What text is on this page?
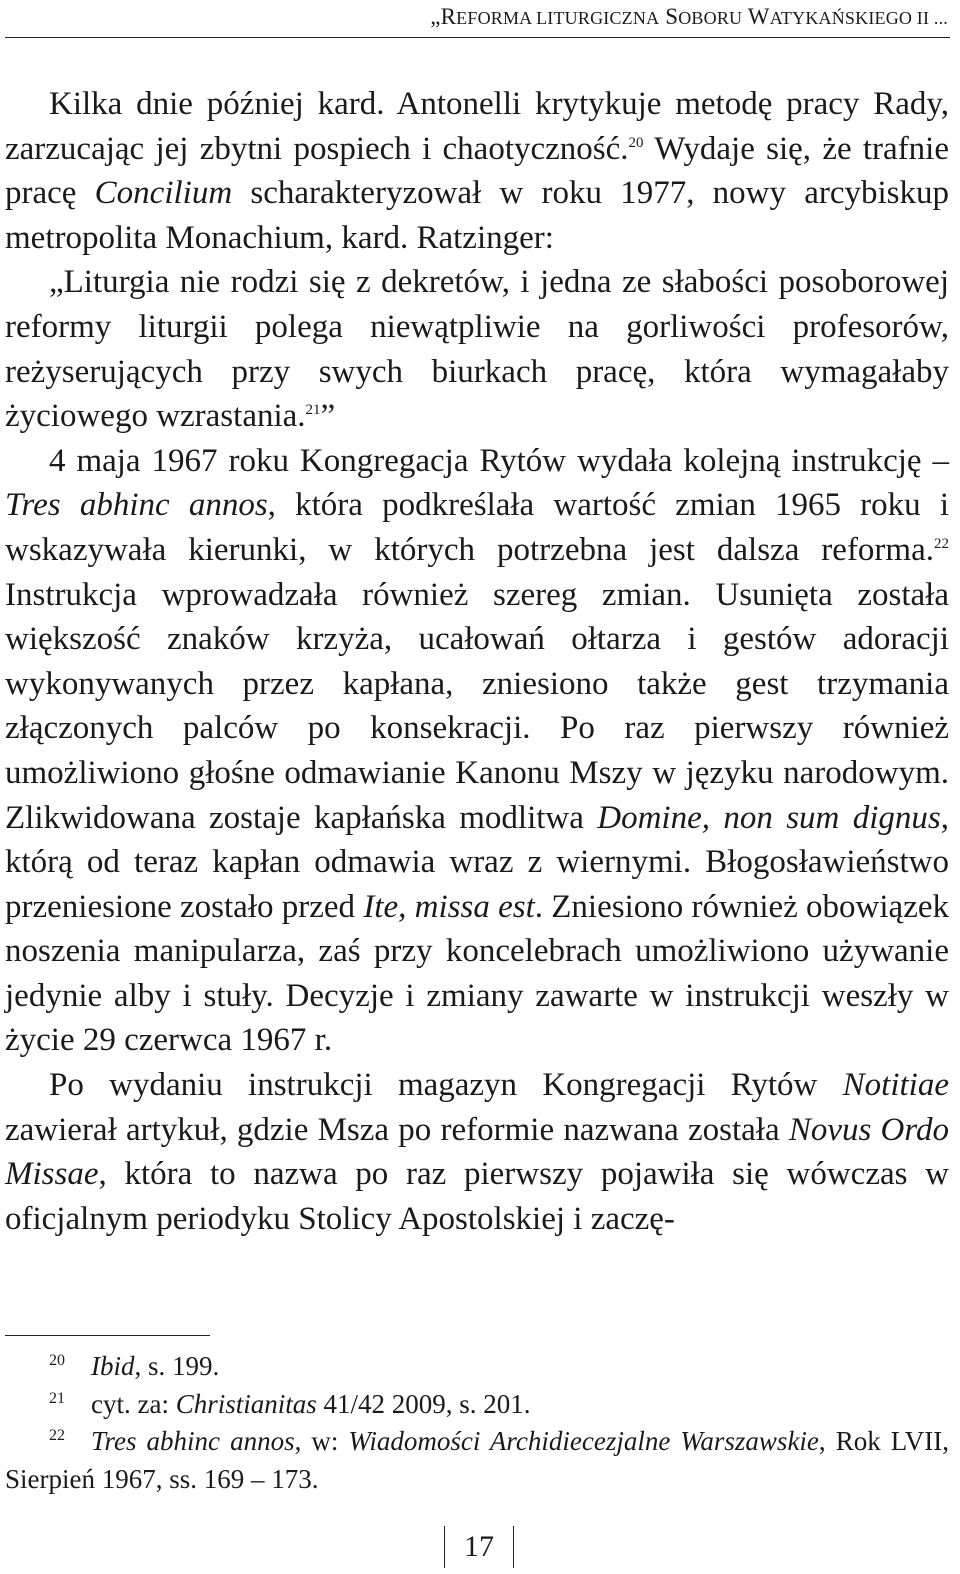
„REFORMA LITURGICZNA SOBORU WATYKAŃSKIEGO II ...

Kilka dnie później kard. Antonelli krytykuje metodę pracy Rady, zarzucając jej zbytni pospiech i chaotyczność.$^{20}$ Wydaje się, że trafnie pracę Concilium scharakteryzował w roku 1977, nowy arcybiskup metropolita Monachium, kard. Ratzinger:

„Liturgia nie rodzi się z dekretów, i jedna ze słabości posoborowej reformy liturgii polega niewątpliwie na gorliwości profesorów, reżyserujących przy swych biurkach pracę, która wymagałaby życiowego wzrastania.$^{21}$”

4 maja 1967 roku Kongregacja Rytów wydała kolejną instrukcję – Tres abhinc annos, która podkreślała wartość zmian 1965 roku i wskazywała kierunki, w których potrzebna jest dalsza reforma.$^{22}$ Instrukcja wprowadzała również szereg zmian. Usunięta została większość znaków krzyża, ucałowań ołtarza i gestów adoracji wykonywanych przez kapłana, zniesiono także gest trzymania złączonych palców po konsekracji. Po raz pierwszy również umożliwiono głośne odmawianie Kanonu Mszy w języku narodowym. Zlikwidowana zostaje kapłańska modlitwa Domine, non sum dignus, którą od teraz kapłan odmawia wraz z wiernymi. Błogosławieństwo przeniesione zostało przed Ite, missa est. Zniesiono również obowiązek noszenia manipularza, zaś przy koncelebrach umożliwiono używanie jedynie alby i stuły. Decyzje i zmiany zawarte w instrukcji weszły w życie 29 czerwca 1967 r.

Po wydaniu instrukcji magazyn Kongregacji Rytów Notitiae zawierał artykuł, gdzie Msza po reformie nazwana została Novus Ordo Missae, która to nazwa po raz pierwszy pojawiła się wówczas w oficjalnym periodyku Stolicy Apostolskiej i zaczę-

$^{20}$ Ibid, s. 199.

$^{21}$ cyt. za: Christianitas 41/42 2009, s. 201.

$^{22}$ Tres abhinc annos, w: Wiadomości Archidiecezjalne Warszawskie, Rok LVII, Sierpień 1967, ss. 169 – 173.

17
